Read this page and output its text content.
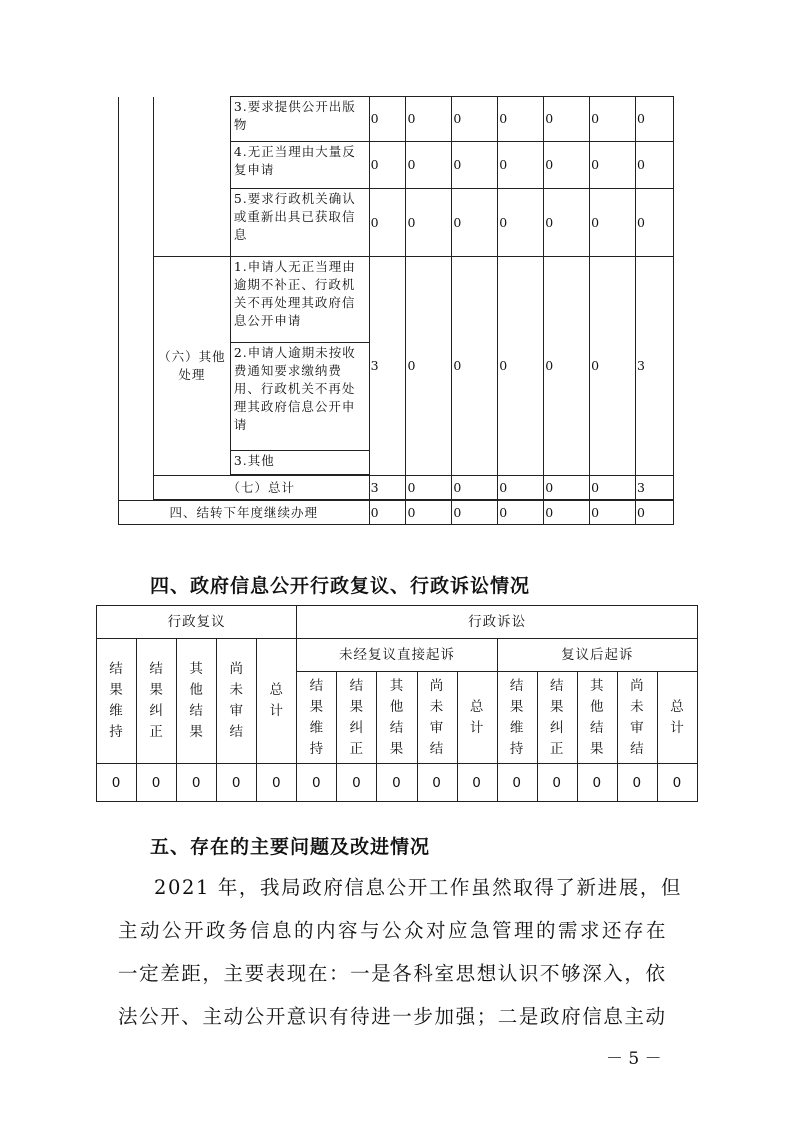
		3.要求提供公开出版物	0	0	0	0	0	0	0
		4.无正当理由大量反复申请	0	0	0	0	0	0	0
		5.要求行政机关确认或重新出具已获取信息	0	0	0	0	0	0	0
	（六）其他处理	1.申请人无正当理由逾期不补正、行政机关不再处理其政府信息公开申请	3	0	0	0	0	0	3
		2.申请人逾期未按收费通知要求缴纳费用、行政机关不再处理其政府信息公开申请							
		3.其他							

	（七）总计		3	0	0	0	0	0	3

四、结转下年度继续办理			0	0	0	0	0	0	0
四、政府信息公开行政复议、行政诉讼情况
行政复议					行政诉讼									

结果维持	结果纠正	其他结果	尚未审结	总计	未经复议直接起诉					复议后起诉				

					结果维持	结果纠正	其他结果	尚未审结	总计	结果维持	结果纠正	其他结果	尚未审结	总计

0	0	0	0	0	0	0	0	0	0	0	0	0	0	0
五、存在的主要问题及改进情况

2021 年，我局政府信息公开工作虽然取得了新进展，但

主动公开政务信息的内容与公众对应急管理的需求还存在

一定差距，主要表现在：一是各科室思想认识不够深入，依

法公开、主动公开意识有待进一步加强；二是政府信息主动

－ 5 －
